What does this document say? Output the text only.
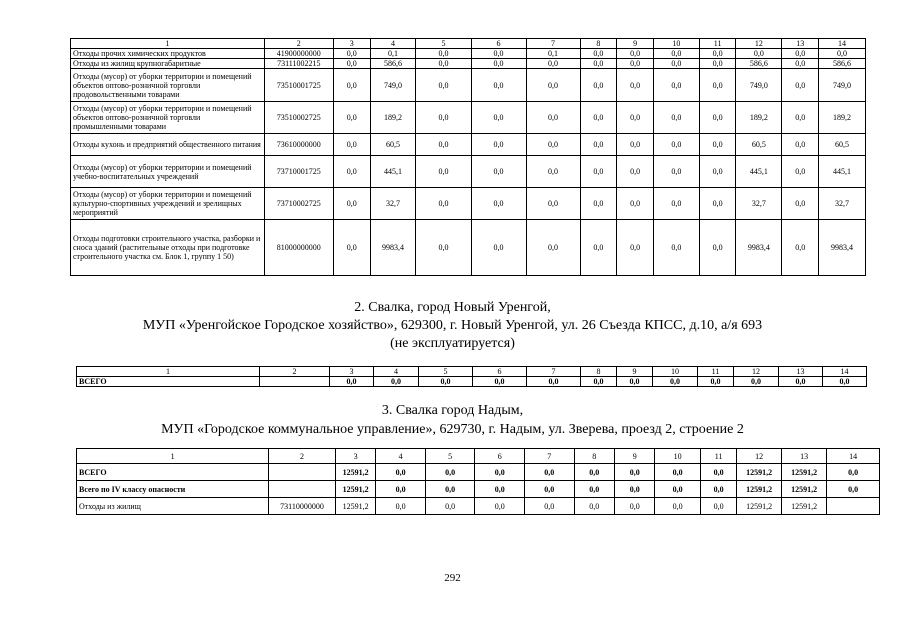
1	2	3	4	5	6	7	8	9	10	11	12	13	14
Отходы прочих химических продуктов	41900000000	0,0	0,1	0,0	0,0	0,1	0,0	0,0	0,0	0,0	0,0	0,0	0,0
Отходы из жилищ крупногабаритные	73111002215	0,0	586,6	0,0	0,0	0,0	0,0	0,0	0,0	0,0	586,6	0,0	586,6
Отходы (мусор) от уборки территории и помещений объектов оптово-розничной торговли продовольственными товарами	73510001725	0,0	749,0	0,0	0,0	0,0	0,0	0,0	0,0	0,0	749,0	0,0	749,0
Отходы (мусор) от уборки территории и помещений объектов оптово-розничной торговли промышленными товарами	73510002725	0,0	189,2	0,0	0,0	0,0	0,0	0,0	0,0	0,0	189,2	0,0	189,2
Отходы кухонь и предприятий общественного питания	73610000000	0,0	60,5	0,0	0,0	0,0	0,0	0,0	0,0	0,0	60,5	0,0	60,5
Отходы (мусор) от уборки территории и помещений учебно-воспитательных учреждений	73710001725	0,0	445,1	0,0	0,0	0,0	0,0	0,0	0,0	0,0	445,1	0,0	445,1
Отходы (мусор) от уборки территории и помещений культурно-спортивных учреждений и зрелищных мероприятий	73710002725	0,0	32,7	0,0	0,0	0,0	0,0	0,0	0,0	0,0	32,7	0,0	32,7
Отходы подготовки строительного участка, разборки и сноса зданий (растительные отходы при подготовке строительного участка см. Блок 1, группу 1 50)	81000000000	0,0	9983,4	0,0	0,0	0,0	0,0	0,0	0,0	0,0	9983,4	0,0	9983,4
2. Свалка, город Новый Уренгой,
МУП «Уренгойское Городское хозяйство», 629300, г. Новый Уренгой, ул. 26 Съезда КПСС, д.10, а/я 693
(не эксплуатируется)
1	2	3	4	5	6	7	8	9	10	11	12	13	14
ВСЕГО		0,0	0,0	0,0	0,0	0,0	0,0	0,0	0,0	0,0	0,0	0,0	0,0
3. Свалка город Надым,
МУП «Городское коммунальное управление», 629730, г. Надым, ул. Зверева, проезд 2, строение 2
1	2	3	4	5	6	7	8	9	10	11	12	13	14
ВСЕГО		12591,2	0,0	0,0	0,0	0,0	0,0	0,0	0,0	0,0	12591,2	12591,2	0,0
Всего по IV классу опасности		12591,2	0,0	0,0	0,0	0,0	0,0	0,0	0,0	0,0	12591,2	12591,2	0,0
Отходы из жилищ	73110000000	12591,2	0,0	0,0	0,0	0,0	0,0	0,0	0,0	0,0	12591,2	12591,2	
292
